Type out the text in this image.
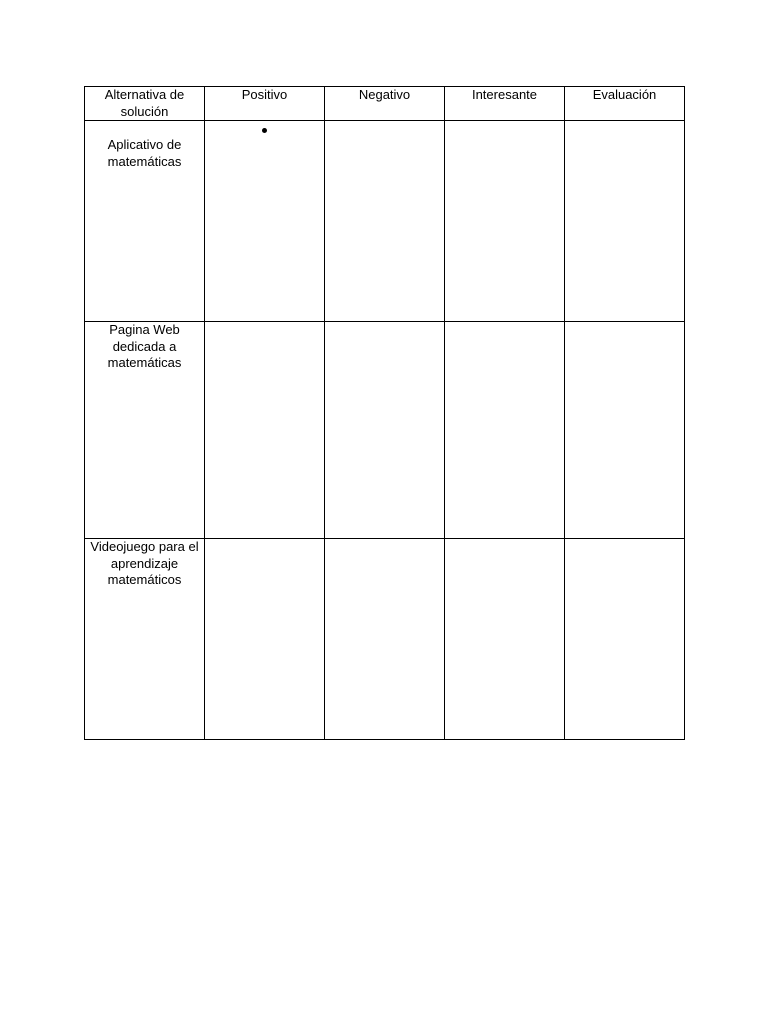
Alternativa de solución	Positivo	Negativo	Interesante	Evaluación
Aplicativo de matemáticas				
Pagina Web dedicada a matemáticas				
Videojuego para el aprendizaje matemáticos				
